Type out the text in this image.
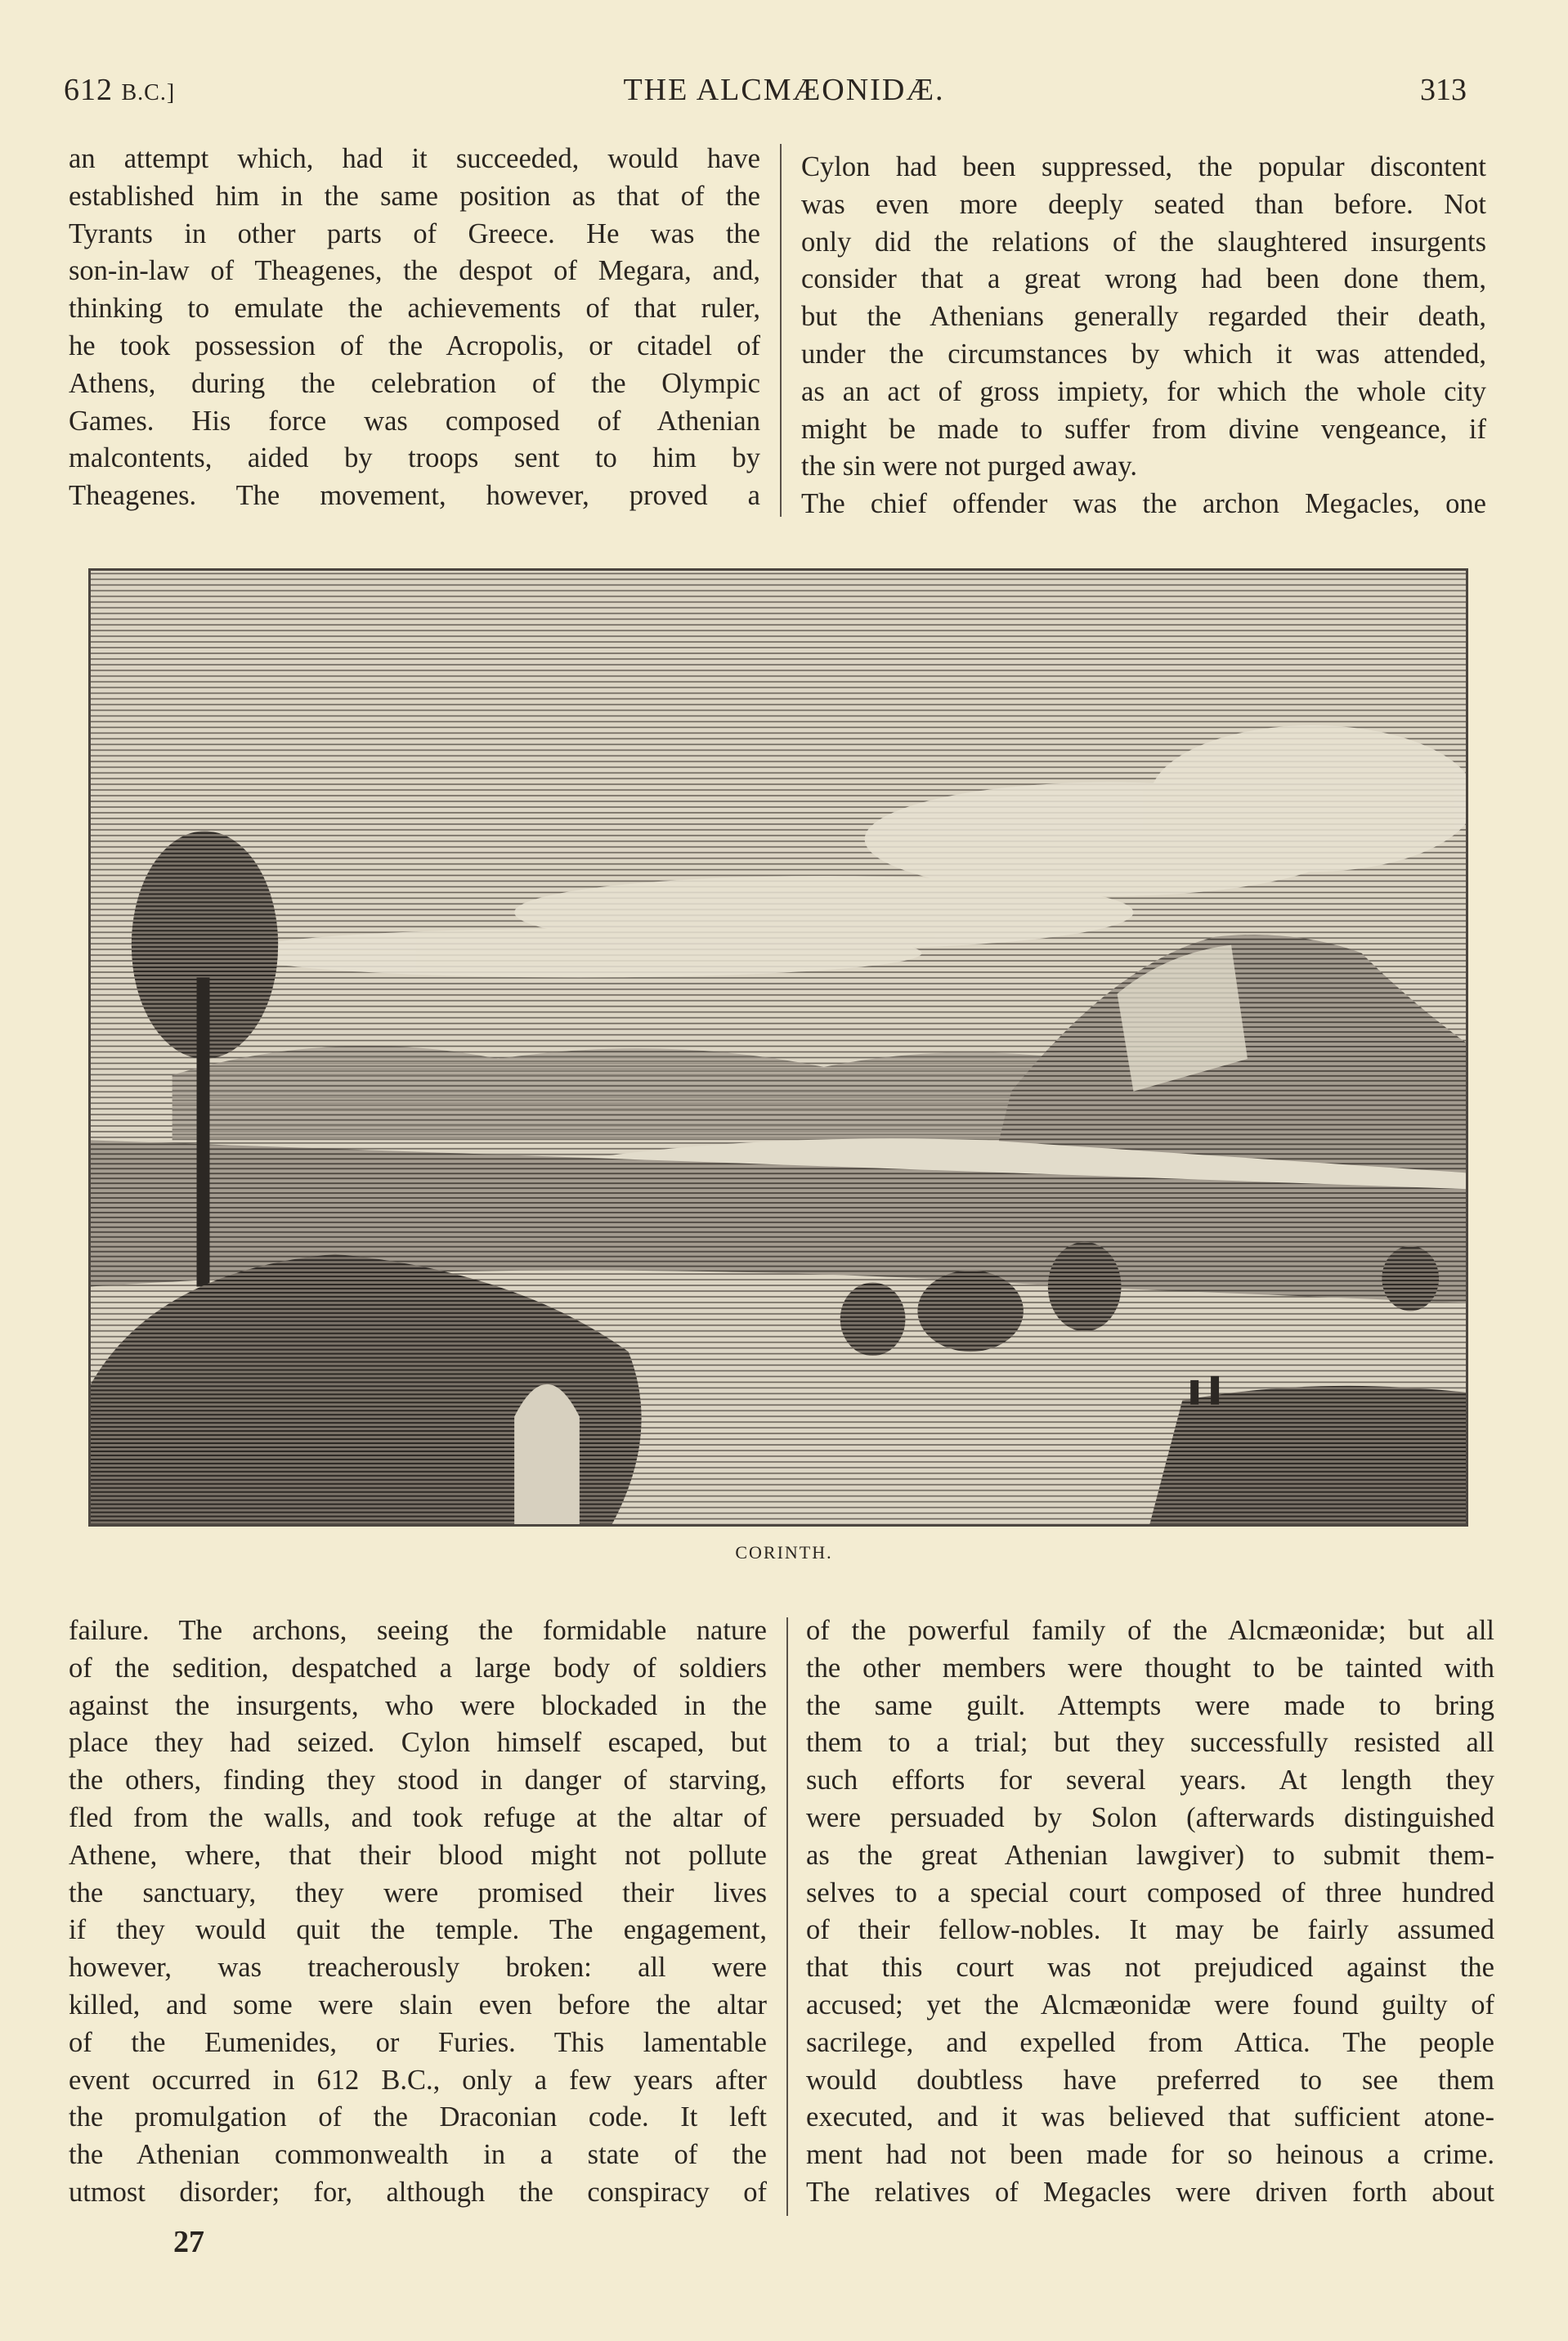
612 B.C.]	THE ALCMÆONIDÆ.	313
an attempt which, had it succeeded, would have
established him in the same position as that of the
Tyrants in other parts of Greece. He was the
son-in-law of Theagenes, the despot of Megara, and,
thinking to emulate the achievements of that ruler,
he took possession of the Acropolis, or citadel of
Athens, during the celebration of the Olympic
Games. His force was composed of Athenian
malcontents, aided by troops sent to him by
Theagenes. The movement, however, proved a
Cylon had been suppressed, the popular discontent
was even more deeply seated than before. Not
only did the relations of the slaughtered insurgents
consider that a great wrong had been done them,
but the Athenians generally regarded their death,
under the circumstances by which it was attended,
as an act of gross impiety, for which the whole city
might be made to suffer from divine vengeance, if
the sin were not purged away.
The chief offender was the archon Megacles, one
CORINTH.
failure. The archons, seeing the formidable nature
of the sedition, despatched a large body of soldiers
against the insurgents, who were blockaded in the
place they had seized. Cylon himself escaped, but
the others, finding they stood in danger of starving,
fled from the walls, and took refuge at the altar of
Athene, where, that their blood might not pollute
the sanctuary, they were promised their lives
if they would quit the temple. The engagement,
however, was treacherously broken: all were
killed, and some were slain even before the altar
of the Eumenides, or Furies. This lamentable
event occurred in 612 B.C., only a few years after
the promulgation of the Draconian code. It left
the Athenian commonwealth in a state of the
utmost disorder; for, although the conspiracy of
of the powerful family of the Alcmæonidæ; but all
the other members were thought to be tainted with
the same guilt. Attempts were made to bring
them to a trial; but they successfully resisted all
such efforts for several years. At length they
were persuaded by Solon (afterwards distinguished
as the great Athenian lawgiver) to submit them-
selves to a special court composed of three hundred
of their fellow-nobles. It may be fairly assumed
that this court was not prejudiced against the
accused; yet the Alcmæonidæ were found guilty of
sacrilege, and expelled from Attica. The people
would doubtless have preferred to see them
executed, and it was believed that sufficient atone-
ment had not been made for so heinous a crime.
The relatives of Megacles were driven forth about
27
